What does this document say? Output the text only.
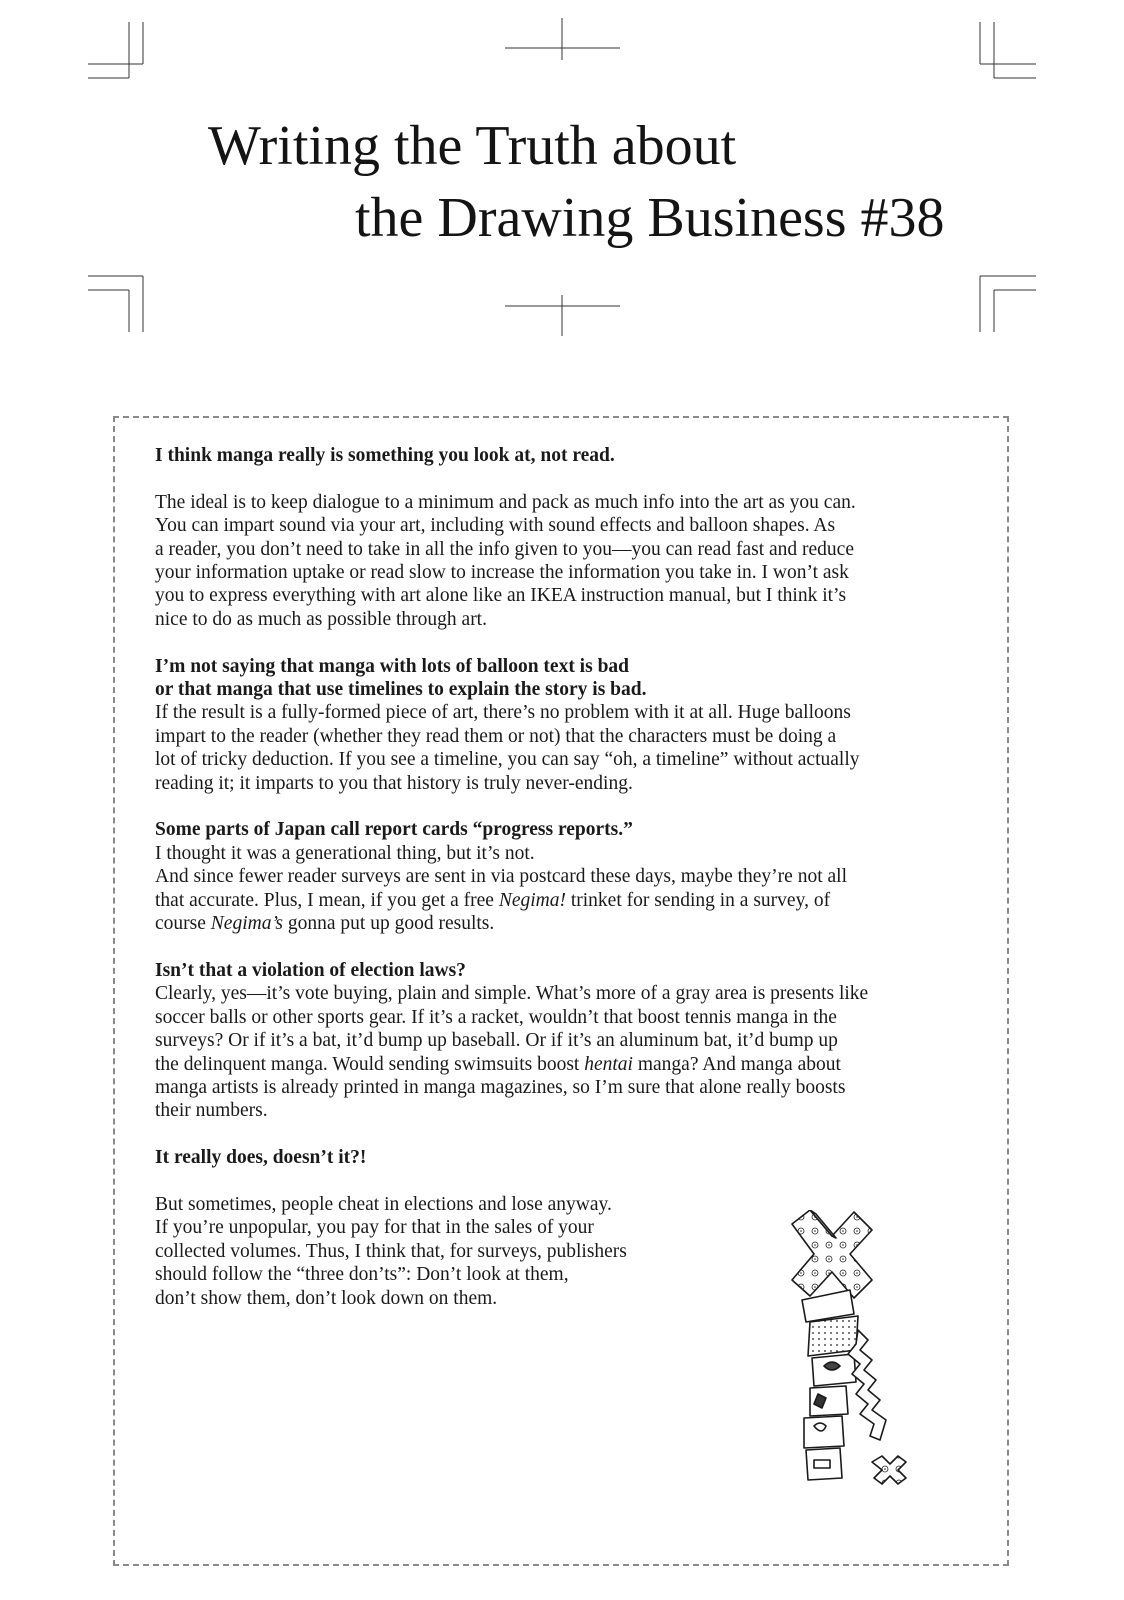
Writing the Truth about
the Drawing Business #38

I think manga really is something you look at, not read.

The ideal is to keep dialogue to a minimum and pack as much info into the art as you can.
You can impart sound via your art, including with sound effects and balloon shapes. As
a reader, you don’t need to take in all the info given to you—you can read fast and reduce
your information uptake or read slow to increase the information you take in. I won’t ask
you to express everything with art alone like an IKEA instruction manual, but I think it’s
nice to do as much as possible through art.

I’m not saying that manga with lots of balloon text is bad
or that manga that use timelines to explain the story is bad.
If the result is a fully-formed piece of art, there’s no problem with it at all. Huge balloons
impart to the reader (whether they read them or not) that the characters must be doing a
lot of tricky deduction. If you see a timeline, you can say “oh, a timeline” without actually
reading it; it imparts to you that history is truly never-ending.

Some parts of Japan call report cards “progress reports.”
I thought it was a generational thing, but it’s not.
And since fewer reader surveys are sent in via postcard these days, maybe they’re not all
that accurate. Plus, I mean, if you get a free Negima! trinket for sending in a survey, of
course Negima’s gonna put up good results.

Isn’t that a violation of election laws?
Clearly, yes—it’s vote buying, plain and simple. What’s more of a gray area is presents like
soccer balls or other sports gear. If it’s a racket, wouldn’t that boost tennis manga in the
surveys? Or if it’s a bat, it’d bump up baseball. Or if it’s an aluminum bat, it’d bump up
the delinquent manga. Would sending swimsuits boost hentai manga? And manga about
manga artists is already printed in manga magazines, so I’m sure that alone really boosts
their numbers.

It really does, doesn’t it?!

But sometimes, people cheat in elections and lose anyway.
If you’re unpopular, you pay for that in the sales of your
collected volumes. Thus, I think that, for surveys, publishers
should follow the “three don’ts”: Don’t look at them,
don’t show them, don’t look down on them.
